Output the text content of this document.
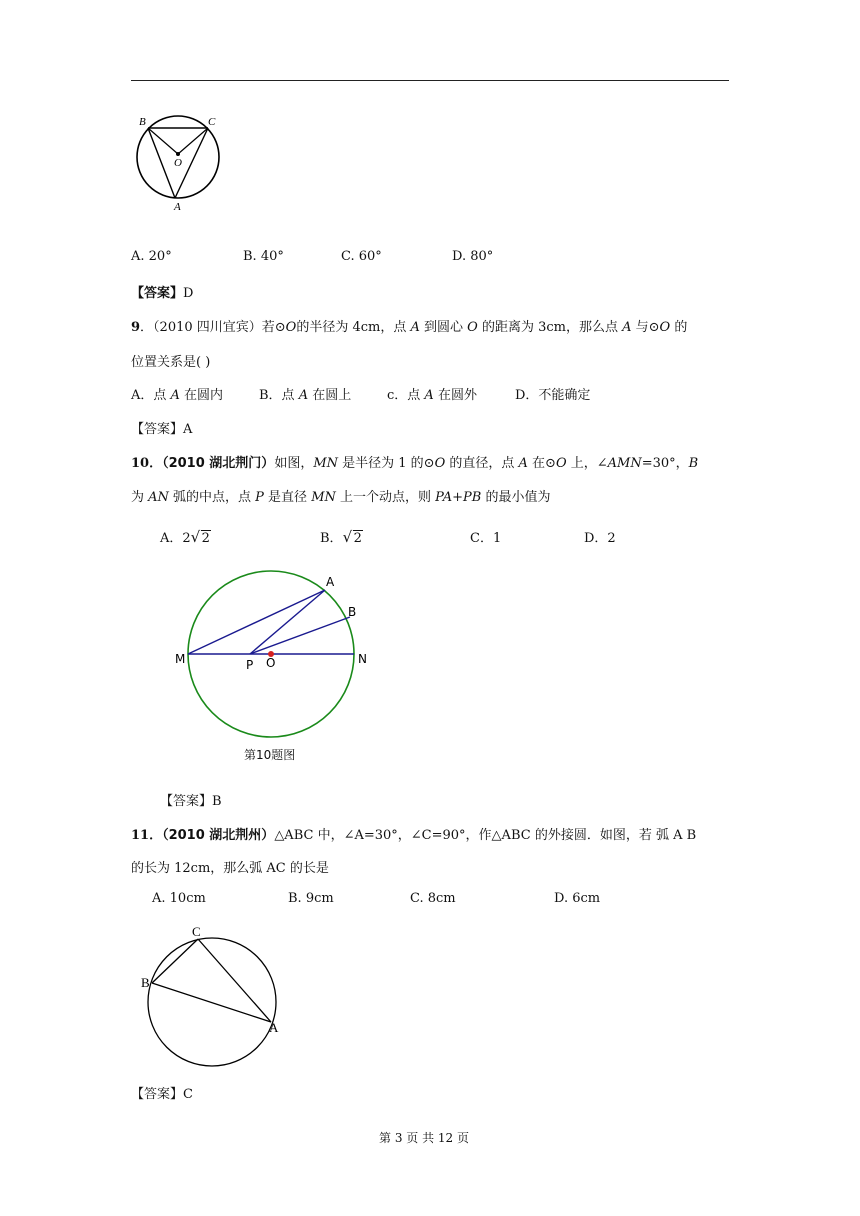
B	C
O
A
A. 20°	B. 40°	C. 60°	D. 80°
【答案】D
9．（2010 四川宜宾）若⊙O的半径为 4cm，点 A 到圆心 O 的距离为 3cm，那么点 A 与⊙O 的
位置关系是( )
A．点 A 在圆内	B．点 A 在圆上	c．点 A 在圆外	D．不能确定
【答案】A
10．（2010 湖北荆门）如图，MN 是半径为 1 的⊙O 的直径，点 A 在⊙O 上，∠AMN=30°，B
为 AN 弧的中点，点 P 是直径 MN 上一个动点，则 PA+PB 的最小值为
A．2 √ 2	B． √ 2	C．1	D．2
A
B
M	N
P O
第10题图
【答案】B
11．（2010 湖北荆州）△ABC 中，∠A=30°，∠C=90°，作△ABC 的外接圆．如图，若 弧 A B
的长为 12cm，那么弧 AC 的长是
A. 10cm	B. 9cm	C. 8cm	D. 6cm
C
B
A
【答案】C
第 3 页 共 12 页
